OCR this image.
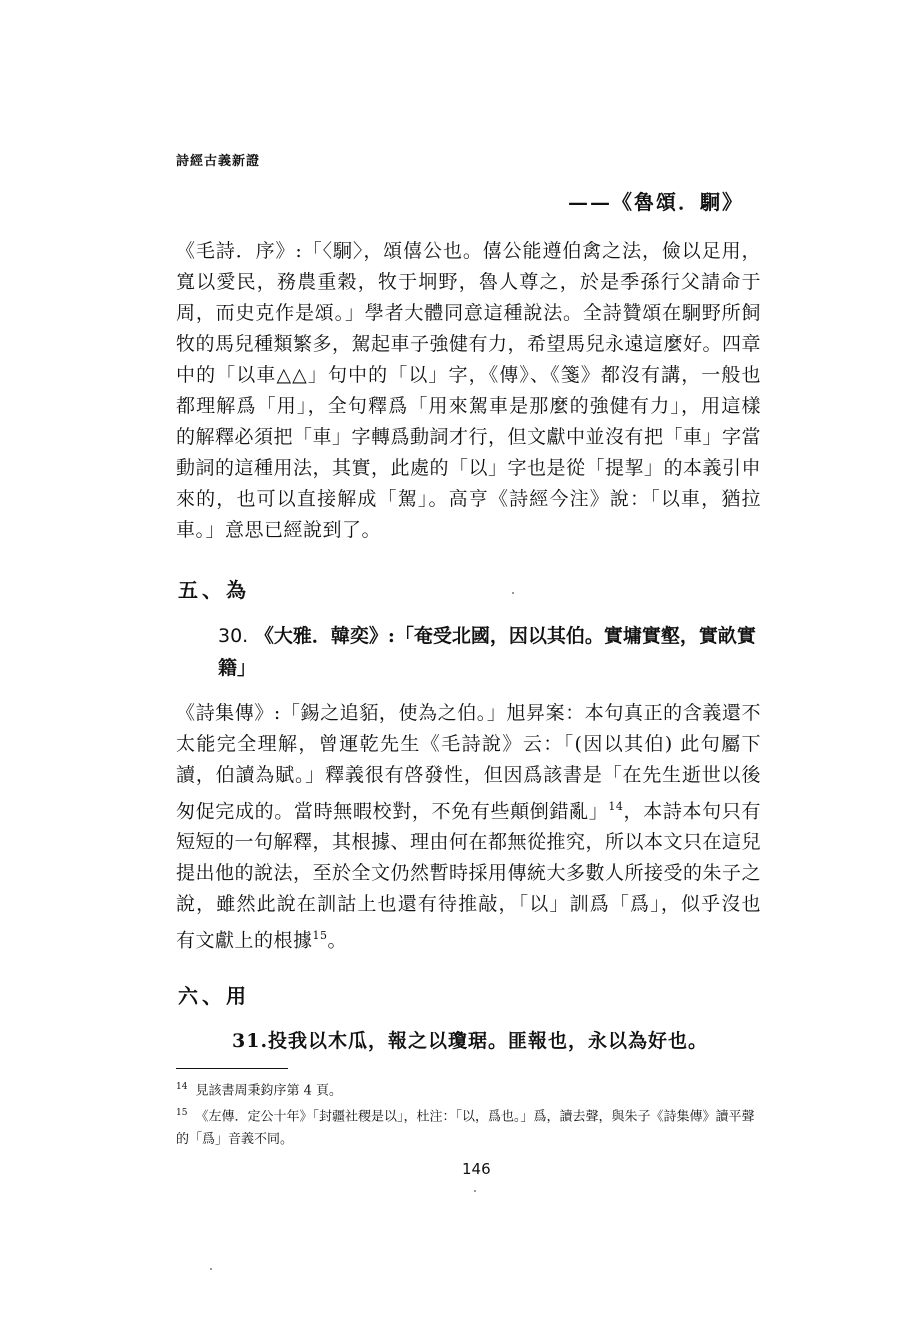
詩經古義新證
——《魯頌．駉》

《毛詩．序》:「〈駉〉，頌僖公也。僖公能遵伯禽之法，儉以足用，寬以愛民，務農重穀，牧于坰野，魯人尊之，於是季孫行父請命于周，而史克作是頌。」學者大體同意這種說法。全詩贊頌在駉野所飼牧的馬兒種類繁多，駕起車子強健有力，希望馬兒永遠這麼好。四章中的「以車△△」句中的「以」字，《傳》、《箋》都沒有講，一般也都理解爲「用」，全句釋爲「用來駕車是那麼的強健有力」，用這樣的解釋必須把「車」字轉爲動詞才行，但文獻中並沒有把「車」字當動詞的這種用法，其實，此處的「以」字也是從「提挈」的本義引申來的，也可以直接解成「駕」。高亨《詩經今注》說：「以車，猶拉車。」意思已經說到了。

五、為

30. 《大雅．韓奕》:「奄受北國，因以其伯。實墉實壑，實畝實籍」

《詩集傳》:「錫之追貊，使為之伯。」旭昇案：本句真正的含義還不太能完全理解，曾運乾先生《毛詩說》云：「(因以其伯) 此句屬下讀，伯讀為賦。」釋義很有啓發性，但因爲該書是「在先生逝世以後匆促完成的。當時無暇校對，不免有些顛倒錯亂」$^{14}$，本詩本句只有短短的一句解釋，其根據、理由何在都無從推究，所以本文只在這兒提出他的說法，至於全文仍然暫時採用傳統大多數人所接受的朱子之說，雖然此說在訓詁上也還有待推敲，「以」訓爲「爲」，似乎沒也有文獻上的根據$^{15}$。

六、用

31.投我以木瓜，報之以瓊琚。匪報也，永以為好也。

$^{14}$ 見該書周秉鈞序第 4 頁。
$^{15}$ 《左傳．定公十年》「封疆社稷是以」，杜注：「以，爲也。」爲，讀去聲，與朱子《詩集傳》讀平聲的「爲」音義不同。
146
